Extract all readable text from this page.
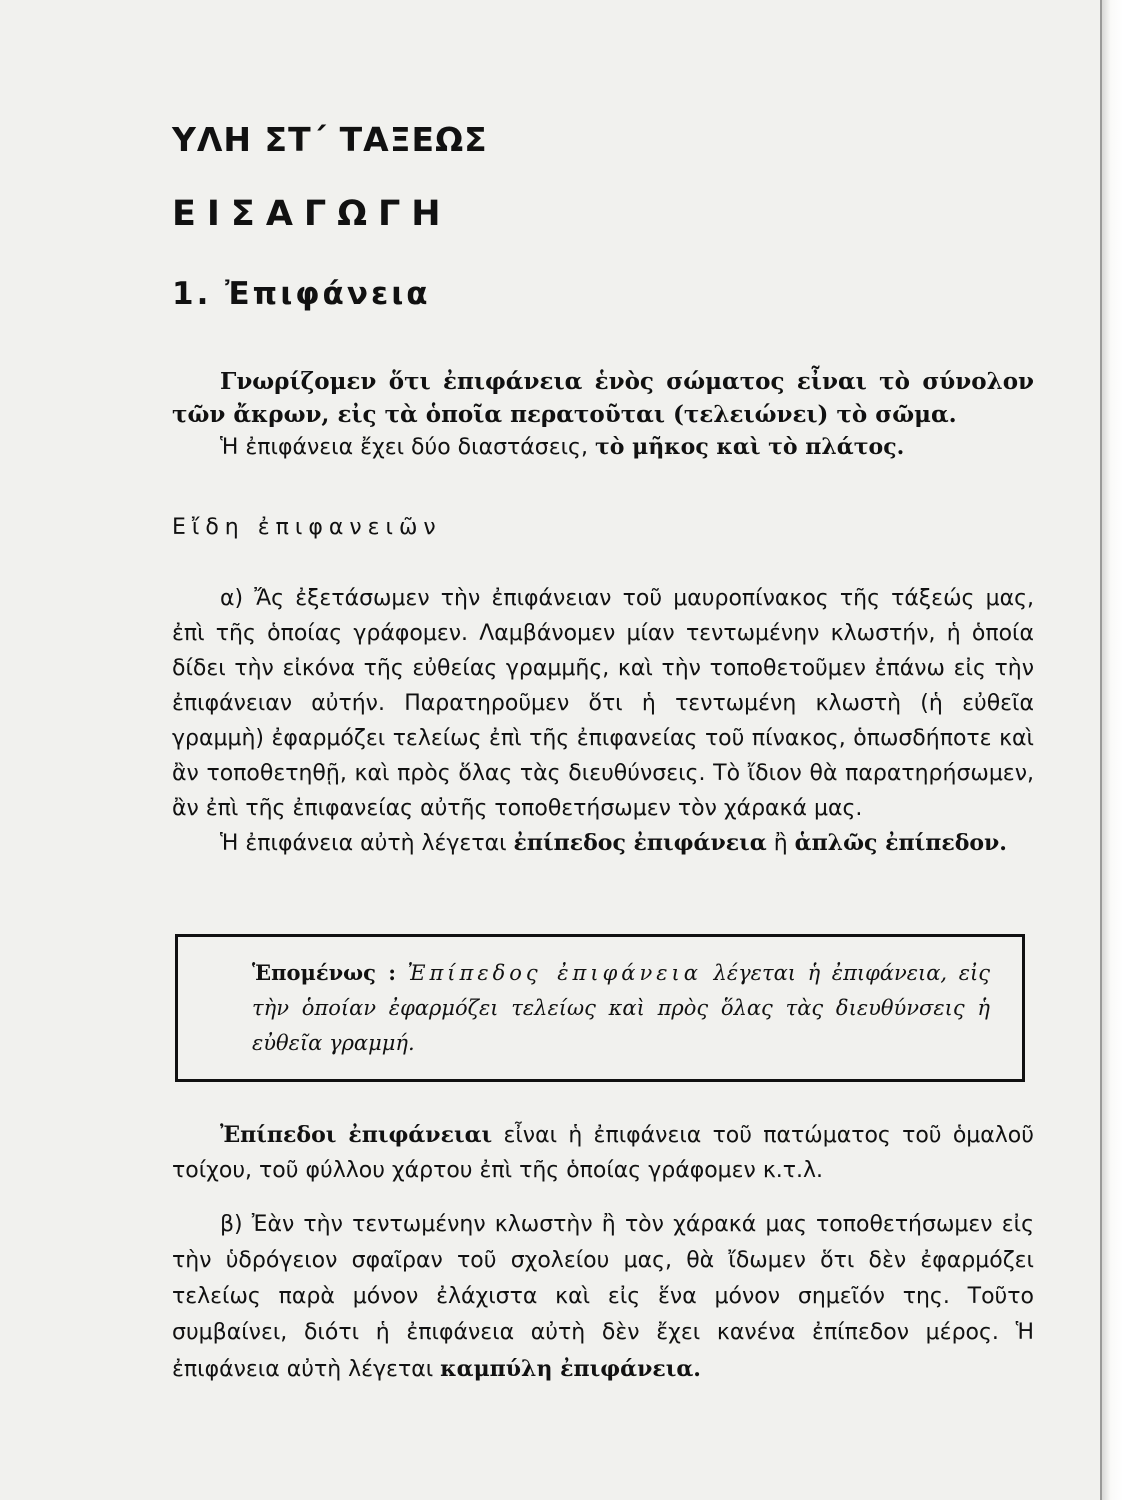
ΥΛΗ ΣΤ΄ ΤΑΞΕΩΣ
ΕΙΣΑΓΩΓΗ
1. Ἐπιφάνεια

Γνωρίζομεν ὅτι ἐπιφάνεια ἑνὸς σώματος εἶναι τὸ σύνολον τῶν ἄκρων, εἰς τὰ ὁποῖα περατοῦται (τελειώνει) τὸ σῶμα.

Ἡ ἐπιφάνεια ἔχει δύο διαστάσεις, τὸ μῆκος καὶ τὸ πλάτος.

Εἴδη ἐπιφανειῶν

α) Ἄς ἐξετάσωμεν τὴν ἐπιφάνειαν τοῦ μαυροπίνακος τῆς τάξεώς μας, ἐπὶ τῆς ὁποίας γράφομεν. Λαμβάνομεν μίαν τεντωμένην κλωστήν, ἡ ὁποία δίδει τὴν εἰκόνα τῆς εὐθείας γραμμῆς, καὶ τὴν τοποθετοῦμεν ἐπάνω εἰς τὴν ἐπιφάνειαν αὐτήν. Παρατηροῦμεν ὅτι ἡ τεντωμένη κλωστὴ (ἡ εὐθεῖα γραμμὴ) ἐφαρμόζει τελείως ἐπὶ τῆς ἐπιφανείας τοῦ πίνακος, ὁπωσδήποτε καὶ ἂν τοποθετηθῇ, καὶ πρὸς ὅλας τὰς διευθύνσεις. Τὸ ἴδιον θὰ παρατηρήσωμεν, ἂν ἐπὶ τῆς ἐπιφανείας αὐτῆς τοποθετήσωμεν τὸν χάρακά μας.

Ἡ ἐπιφάνεια αὐτὴ λέγεται ἐπίπεδος ἐπιφάνεια ἢ ἁπλῶς ἐπίπεδον.

Ἑπομένως : Ἐπίπεδος ἐπιφάνεια λέγεται ἡ ἐπιφάνεια, εἰς τὴν ὁποίαν ἐφαρμόζει τελείως καὶ πρὸς ὅλας τὰς διευθύνσεις ἡ εὐθεῖα γραμμή.

Ἐπίπεδοι ἐπιφάνειαι εἶναι ἡ ἐπιφάνεια τοῦ πατώματος τοῦ ὁμαλοῦ τοίχου, τοῦ φύλλου χάρτου ἐπὶ τῆς ὁποίας γράφομεν κ.τ.λ.

β) Ἐὰν τὴν τεντωμένην κλωστὴν ἢ τὸν χάρακά μας τοποθετήσωμεν εἰς τὴν ὑδρόγειον σφαῖραν τοῦ σχολείου μας, θὰ ἴδωμεν ὅτι δὲν ἐφαρμόζει τελείως παρὰ μόνον ἐλάχιστα καὶ εἰς ἕνα μόνον σημεῖόν της. Τοῦτο συμβαίνει, διότι ἡ ἐπιφάνεια αὐτὴ δὲν ἔχει κανένα ἐπίπεδον μέρος. Ἡ ἐπιφάνεια αὐτὴ λέγεται καμπύλη ἐπιφάνεια.
